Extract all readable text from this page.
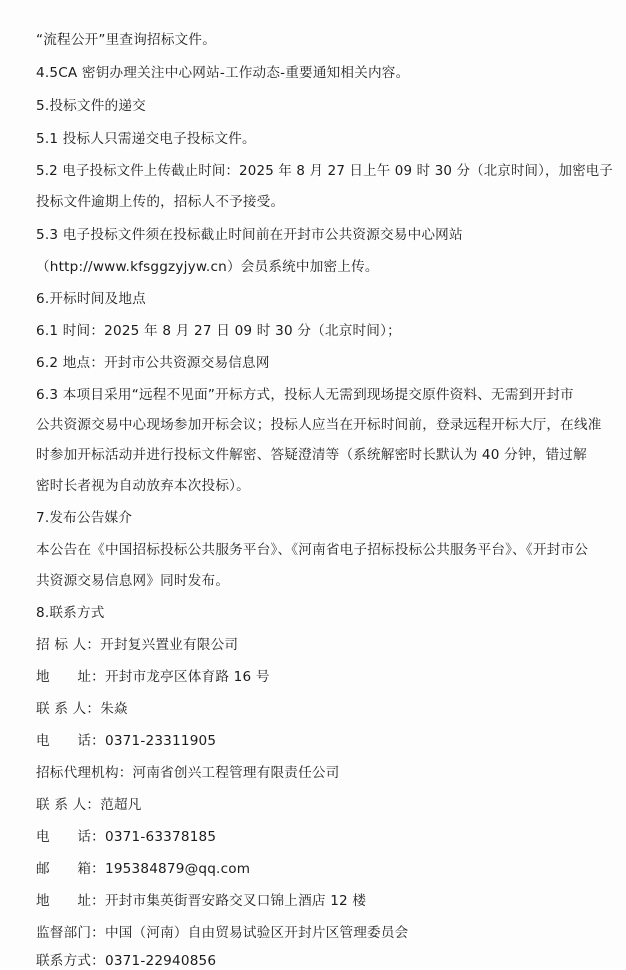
“流程公开”里查询招标文件。
4.5CA 密钥办理关注中心网站-工作动态-重要通知相关内容。
5.投标文件的递交
5.1 投标人只需递交电子投标文件。
5.2 电子投标文件上传截止时间：2025 年 8 月 27 日上午 09 时 30 分（北京时间），加密电子
投标文件逾期上传的，招标人不予接受。
5.3 电子投标文件须在投标截止时间前在开封市公共资源交易中心网站
（http://www.kfsggzyjyw.cn）会员系统中加密上传。
6.开标时间及地点
6.1 时间：2025 年 8 月 27 日 09 时 30 分（北京时间）；
6.2 地点：开封市公共资源交易信息网
6.3 本项目采用“远程不见面”开标方式，投标人无需到现场提交原件资料、无需到开封市
公共资源交易中心现场参加开标会议；投标人应当在开标时间前，登录远程开标大厅，在线准
时参加开标活动并进行投标文件解密、答疑澄清等（系统解密时长默认为 40 分钟，错过解
密时长者视为自动放弃本次投标）。
7.发布公告媒介
本公告在《中国招标投标公共服务平台》、《河南省电子招标投标公共服务平台》、《开封市公
共资源交易信息网》同时发布。
8.联系方式
招 标 人：开封复兴置业有限公司
地　　址：开封市龙亭区体育路 16 号
联 系 人：朱焱
电　　话：0371-23311905
招标代理机构：河南省创兴工程管理有限责任公司
联 系 人：范超凡
电　　话：0371-63378185
邮　　箱：195384879@qq.com
地　　址：开封市集英街晋安路交叉口锦上酒店 12 楼
监督部门：中国（河南）自由贸易试验区开封片区管理委员会
联系方式：0371-22940856
